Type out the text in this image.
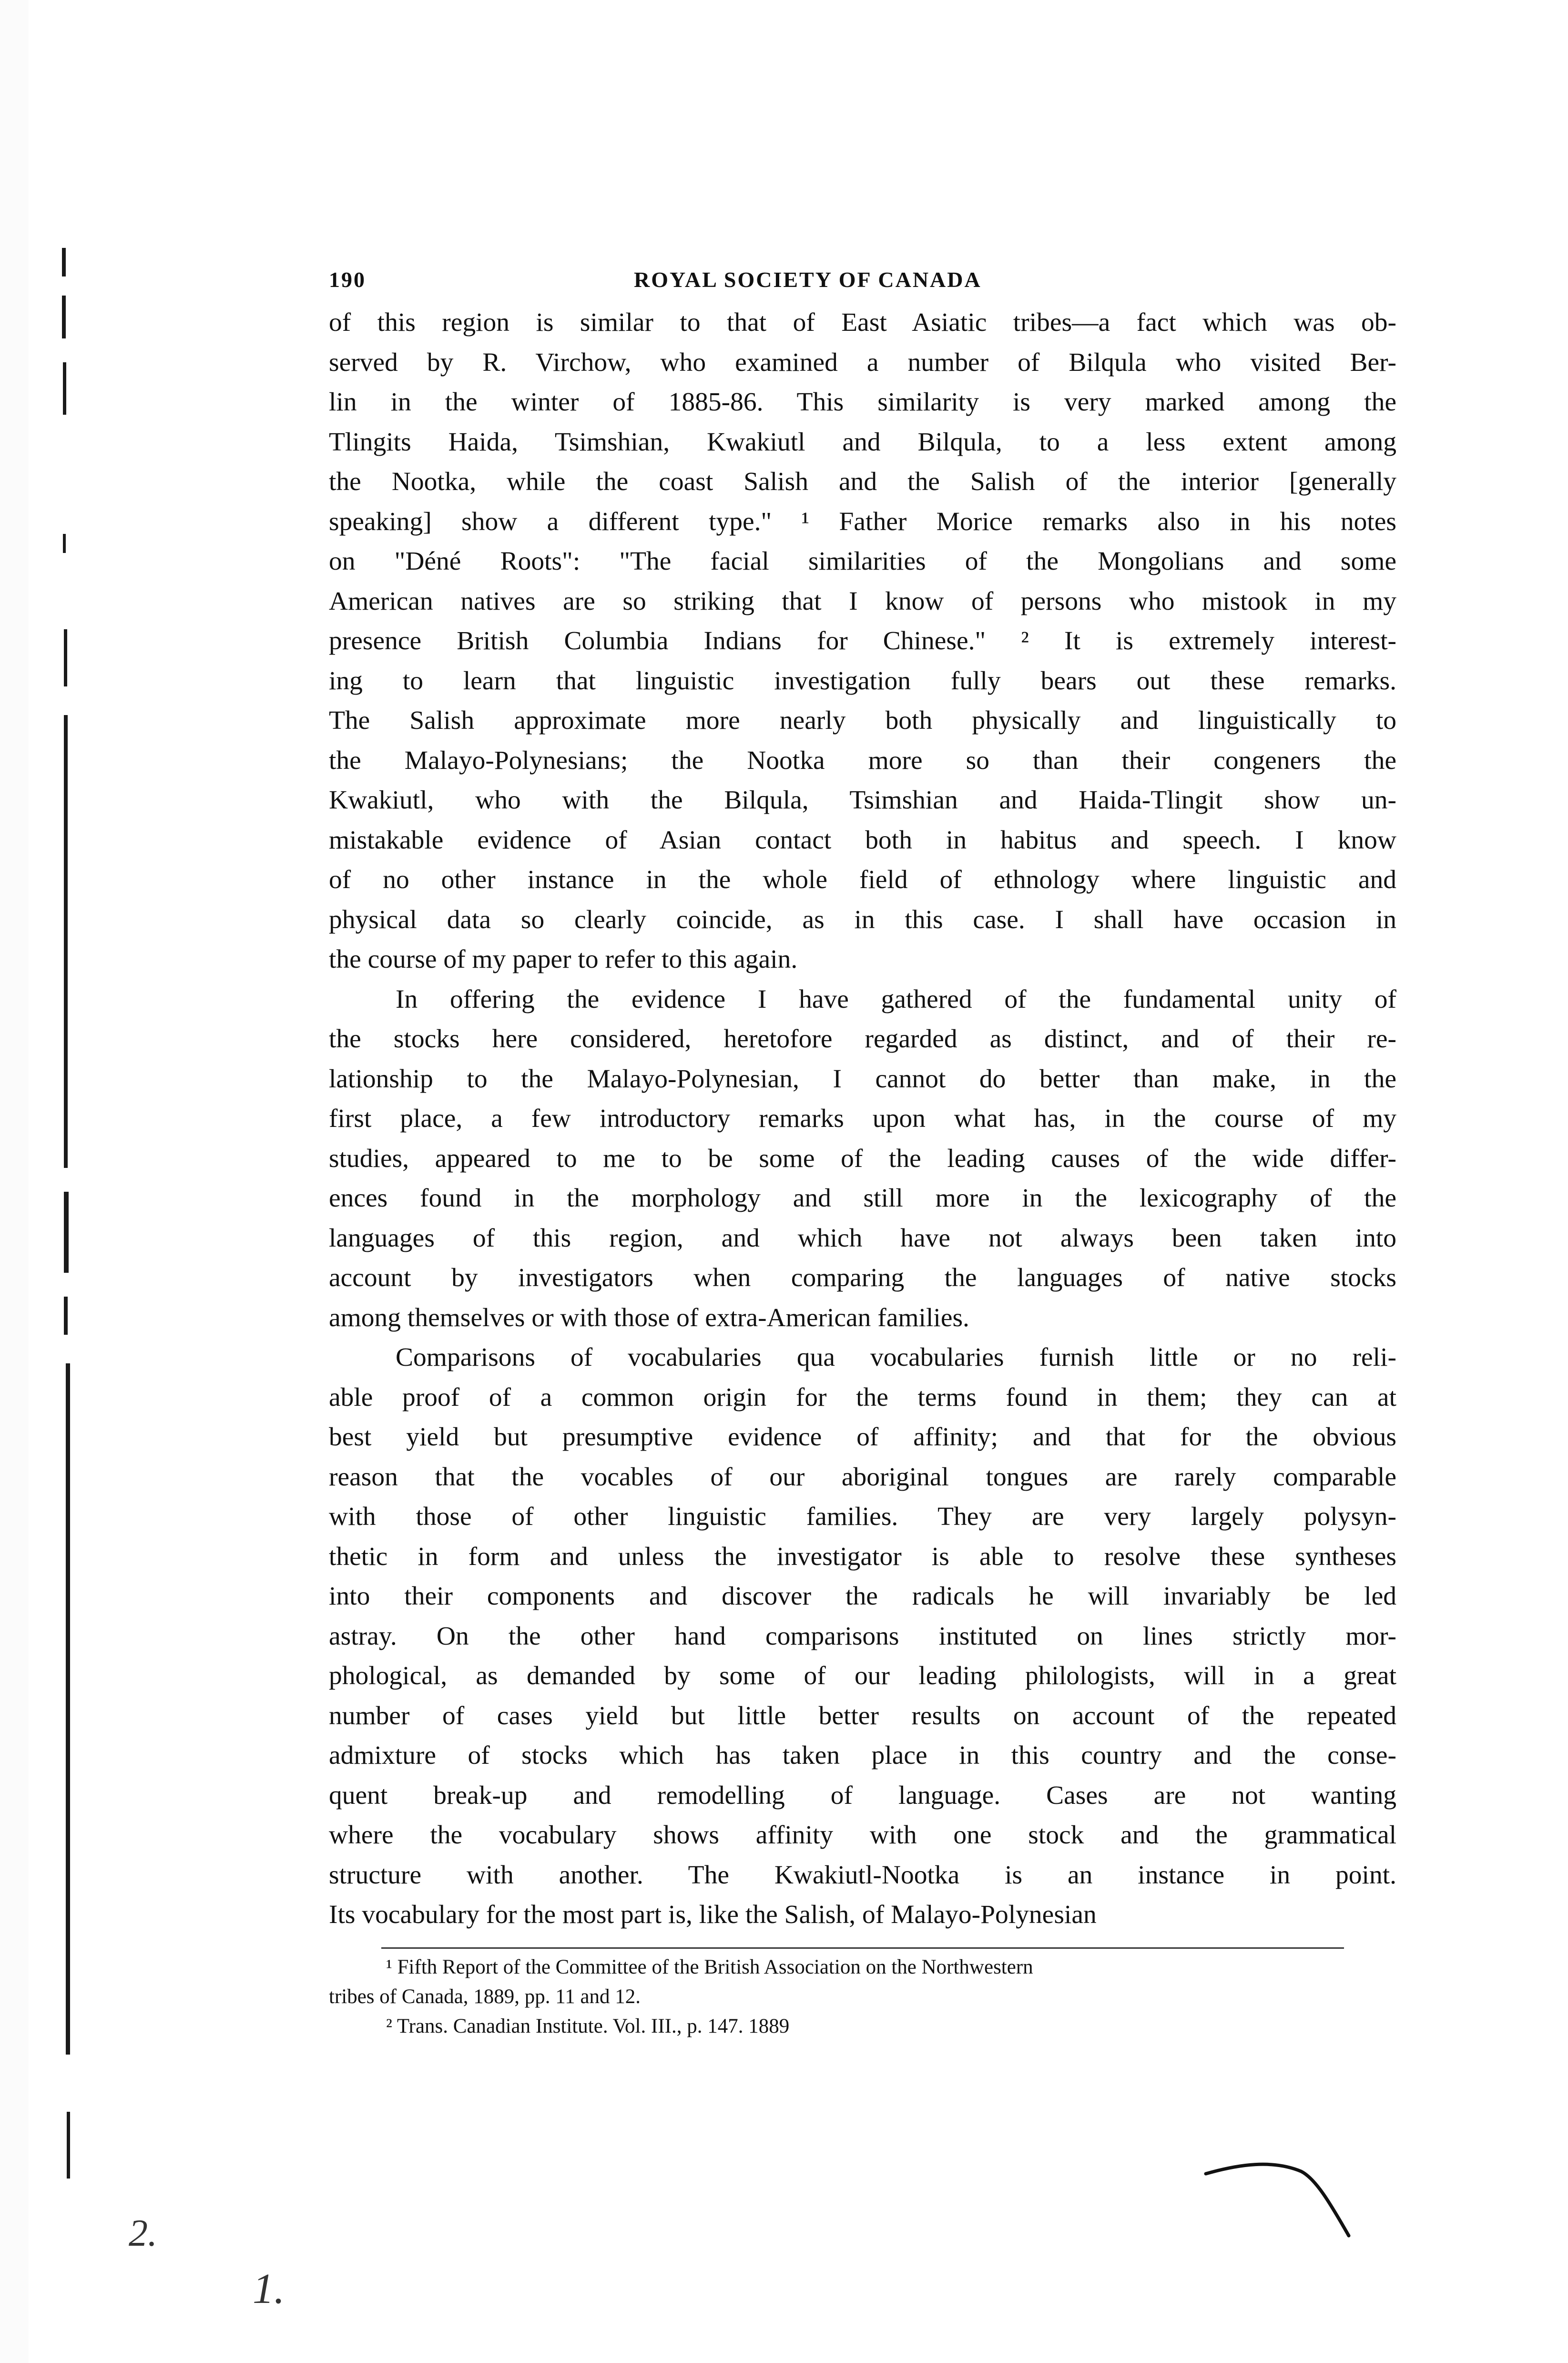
190	ROYAL SOCIETY OF CANADA

of this region is similar to that of East Asiatic tribes—a fact which was ob-
served by R. Virchow, who examined a number of Bilqula who visited Ber-
lin in the winter of 1885-86. This similarity is very marked among the
Tlingits Haida, Tsimshian, Kwakiutl and Bilqula, to a less extent among
the Nootka, while the coast Salish and the Salish of the interior [generally
speaking] show a different type." ¹ Father Morice remarks also in his notes
on "Déné Roots": "The facial similarities of the Mongolians and some
American natives are so striking that I know of persons who mistook in my
presence British Columbia Indians for Chinese." ² It is extremely interest-
ing to learn that linguistic investigation fully bears out these remarks.
The Salish approximate more nearly both physically and linguistically to
the Malayo-Polynesians; the Nootka more so than their congeners the
Kwakiutl, who with the Bilqula, Tsimshian and Haida-Tlingit show un-
mistakable evidence of Asian contact both in habitus and speech. I know
of no other instance in the whole field of ethnology where linguistic and
physical data so clearly coincide, as in this case. I shall have occasion in
the course of my paper to refer to this again.

In offering the evidence I have gathered of the fundamental unity of
the stocks here considered, heretofore regarded as distinct, and of their re-
lationship to the Malayo-Polynesian, I cannot do better than make, in the
first place, a few introductory remarks upon what has, in the course of my
studies, appeared to me to be some of the leading causes of the wide differ-
ences found in the morphology and still more in the lexicography of the
languages of this region, and which have not always been taken into
account by investigators when comparing the languages of native stocks
among themselves or with those of extra-American families.

Comparisons of vocabularies qua vocabularies furnish little or no reli-
able proof of a common origin for the terms found in them; they can at
best yield but presumptive evidence of affinity; and that for the obvious
reason that the vocables of our aboriginal tongues are rarely comparable
with those of other linguistic families. They are very largely polysyn-
thetic in form and unless the investigator is able to resolve these syntheses
into their components and discover the radicals he will invariably be led
astray. On the other hand comparisons instituted on lines strictly mor-
phological, as demanded by some of our leading philologists, will in a great
number of cases yield but little better results on account of the repeated
admixture of stocks which has taken place in this country and the conse-
quent break-up and remodelling of language. Cases are not wanting
where the vocabulary shows affinity with one stock and the grammatical
structure with another. The Kwakiutl-Nootka is an instance in point.
Its vocabulary for the most part is, like the Salish, of Malayo-Polynesian

¹ Fifth Report of the Committee of the British Association on the Northwestern
tribes of Canada, 1889, pp. 11 and 12.
² Trans. Canadian Institute. Vol. III., p. 147. 1889
2.
1.
